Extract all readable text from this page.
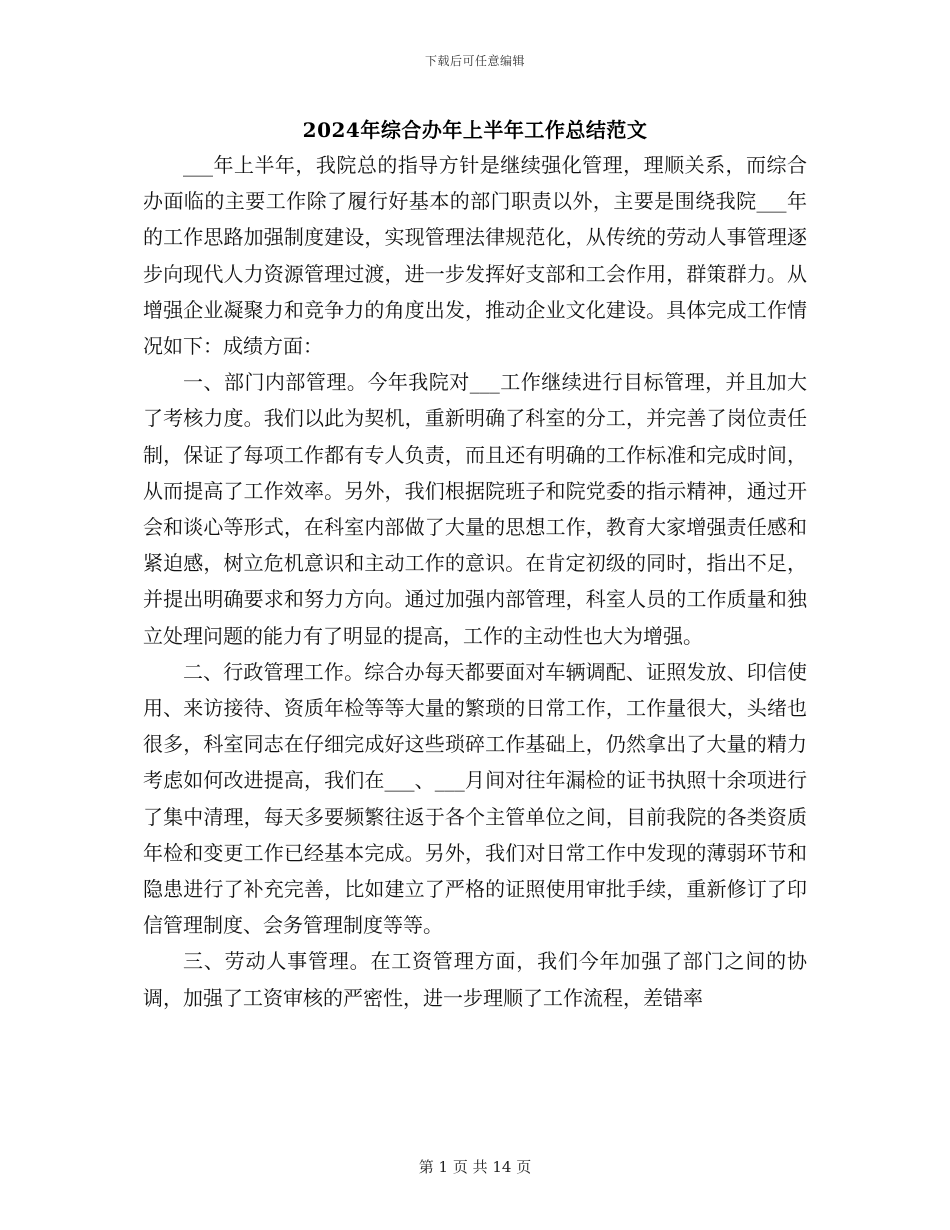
下载后可任意编辑
2024年综合办年上半年工作总结范文

___年上半年，我院总的指导方针是继续强化管理，理顺关系，而综合办面临的主要工作除了履行好基本的部门职责以外，主要是围绕我院___年的工作思路加强制度建设，实现管理法律规范化，从传统的劳动人事管理逐步向现代人力资源管理过渡，进一步发挥好支部和工会作用，群策群力。从增强企业凝聚力和竞争力的角度出发，推动企业文化建设。具体完成工作情况如下：成绩方面：

一、部门内部管理。今年我院对___工作继续进行目标管理，并且加大了考核力度。我们以此为契机，重新明确了科室的分工，并完善了岗位责任制，保证了每项工作都有专人负责，而且还有明确的工作标准和完成时间，从而提高了工作效率。另外，我们根据院班子和院党委的指示精神，通过开会和谈心等形式，在科室内部做了大量的思想工作，教育大家增强责任感和紧迫感，树立危机意识和主动工作的意识。在肯定初级的同时，指出不足，并提出明确要求和努力方向。通过加强内部管理，科室人员的工作质量和独立处理问题的能力有了明显的提高，工作的主动性也大为增强。

二、行政管理工作。综合办每天都要面对车辆调配、证照发放、印信使用、来访接待、资质年检等等大量的繁琐的日常工作，工作量很大，头绪也很多，科室同志在仔细完成好这些琐碎工作基础上，仍然拿出了大量的精力考虑如何改进提高，我们在___、___月间对往年漏检的证书执照十余项进行了集中清理，每天多要频繁往返于各个主管单位之间，目前我院的各类资质年检和变更工作已经基本完成。另外，我们对日常工作中发现的薄弱环节和隐患进行了补充完善，比如建立了严格的证照使用审批手续，重新修订了印信管理制度、会务管理制度等等。

三、劳动人事管理。在工资管理方面，我们今年加强了部门之间的协调，加强了工资审核的严密性，进一步理顺了工作流程，差错率

第 1 页 共 14 页
